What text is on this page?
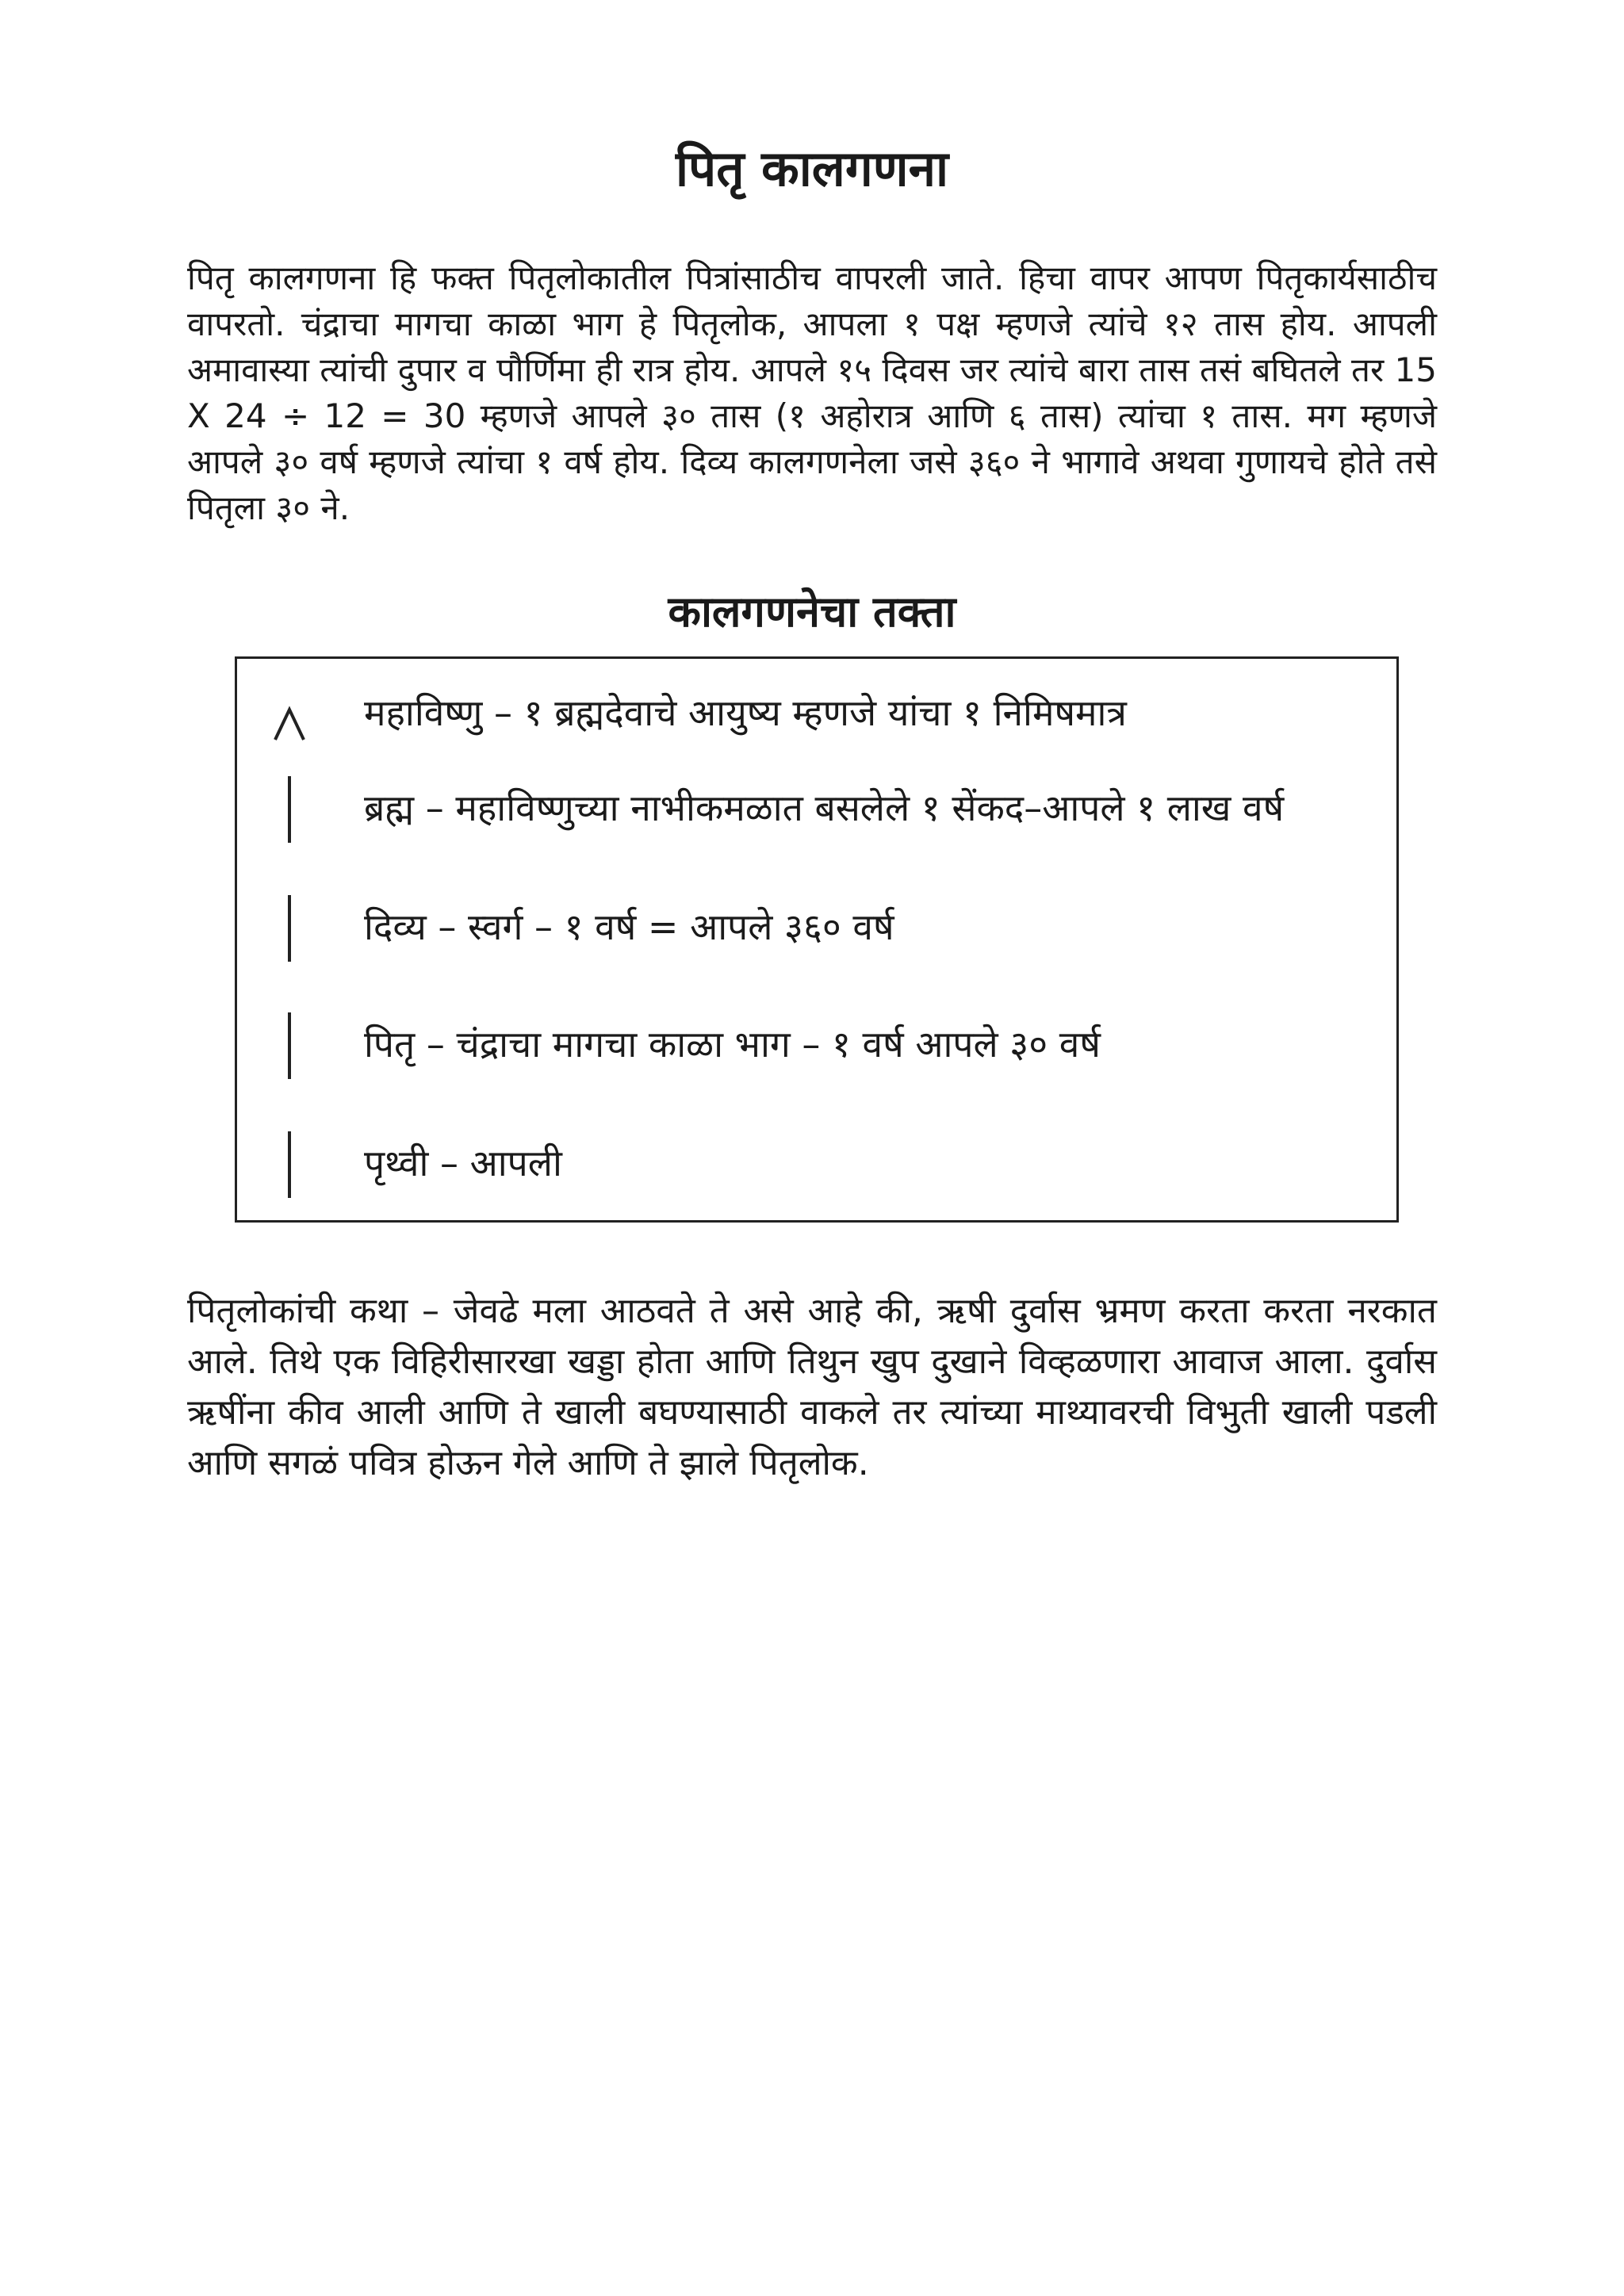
पितृ कालगणना

पितृ कालगणना हि फक्त पितृलोकातील पित्रांसाठीच वापरली जाते. हिचा वापर आपण पितृकार्यसाठीच वापरतो. चंद्राचा मागचा काळा भाग हे पितृलोक, आपला १ पक्ष म्हणजे त्यांचे १२ तास होय. आपली अमावास्या त्यांची दुपार व पौर्णिमा ही रात्र होय. आपले १५ दिवस जर त्यांचे बारा तास तसं बघितले तर 15 X 24 ÷ 12 = 30 म्हणजे आपले ३० तास (१ अहोरात्र आणि ६ तास) त्यांचा १ तास. मग म्हणजे आपले ३० वर्ष म्हणजे त्यांचा १ वर्ष होय. दिव्य कालगणनेला जसे ३६० ने भागावे अथवा गुणायचे होते तसे पितृला ३० ने.

कालगणनेचा तक्ता
महाविष्णु – १ ब्रह्मदेवाचे आयुष्य म्हणजे यांचा १ निमिषमात्र
ब्रह्म – महाविष्णुच्या नाभीकमळात बसलेले १ सेंकद–आपले १ लाख वर्ष
दिव्य – स्वर्ग – १ वर्ष = आपले ३६० वर्ष
पितृ – चंद्राचा मागचा काळा भाग – १ वर्ष आपले ३० वर्ष
पृथ्वी – आपली

पितृलोकांची कथा – जेवढे मला आठवते ते असे आहे की, ऋषी दुर्वास भ्रमण करता करता नरकात आले. तिथे एक विहिरीसारखा खड्डा होता आणि तिथुन खुप दुखाने विव्हळणारा आवाज आला. दुर्वास ऋषींना कीव आली आणि ते खाली बघण्यासाठी वाकले तर त्यांच्या माथ्यावरची विभुती खाली पडली आणि सगळं पवित्र होऊन गेले आणि ते झाले पितृलोक.
